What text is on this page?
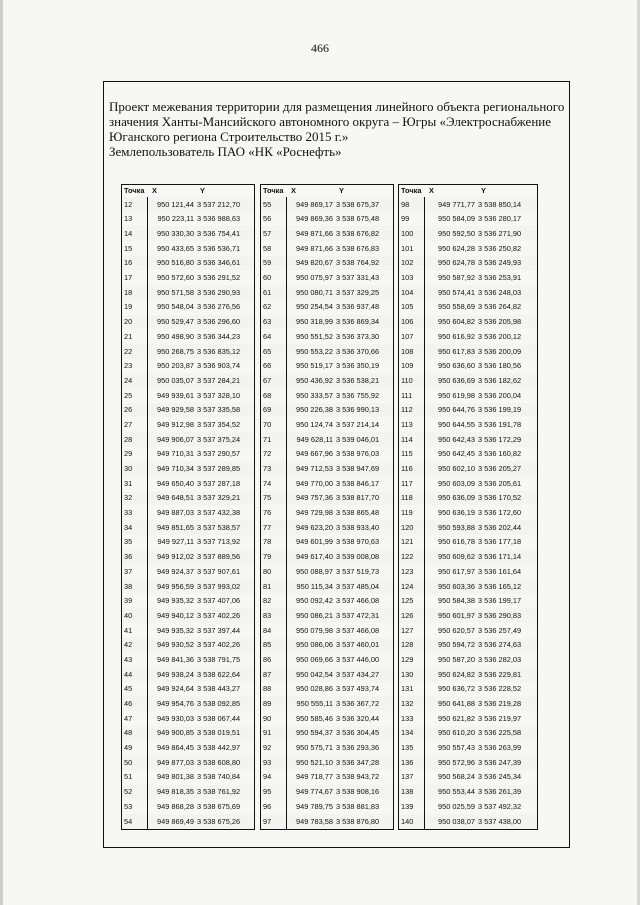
466
Проект межевания территории для размещения линейного объекта регионального
значения Ханты-Мансийского автономного округа – Югры «Электроснабжение
Юганского региона Строительство 2015 г.»
Землепользователь ПАО «НК «Роснефть»
Точка	X	Y
12	950 121,44	3 537 212,70
13	950 223,11	3 536 988,63
14	950 330,30	3 536 754,41
15	950 433,65	3 536 536,71
16	950 516,80	3 536 346,61
17	950 572,60	3 536 291,52
18	950 571,58	3 536 290,93
19	950 548,04	3 536 276,56
20	950 529,47	3 536 296,60
21	950 498,90	3 536 344,23
22	950 268,75	3 536 835,12
23	950 203,87	3 536 903,74
24	950 035,07	3 537 284,21
25	949 939,61	3 537 328,10
26	949 929,58	3 537 335,58
27	949 912,98	3 537 354,52
28	949 906,07	3 537 375,24
29	949 710,31	3 537 290,57
30	949 710,34	3 537 289,85
31	949 650,40	3 537 287,18
32	949 648,51	3 537 329,21
33	949 887,03	3 537 432,38
34	949 851,65	3 537 538,57
35	949 927,11	3 537 713,92
36	949 912,02	3 537 889,56
37	949 924,37	3 537 907,61
38	949 956,59	3 537 993,02
39	949 935,32	3 537 407,06
40	949 940,12	3 537 402,26
41	949 935,32	3 537 397,44
42	949 930,52	3 537 402,26
43	949 841,36	3 538 791,75
44	949 938,24	3 538 622,64
45	949 924,64	3 538 443,27
46	949 954,76	3 538 092,85
47	949 930,03	3 538 067,44
48	949 900,85	3 538 019,51
49	949 864,45	3 538 442,97
50	949 877,03	3 538 608,80
51	949 801,38	3 538 740,84
52	949 818,35	3 538 761,92
53	949 868,28	3 538 675,69
54	949 869,49	3 538 675,26
Точка	X	Y
55	949 869,17	3 538 675,37
56	949 869,36	3 538 675,48
57	949 871,66	3 538 676,82
58	949 871,66	3 538 676,83
59	949 820,67	3 538 764,92
60	950 075,97	3 537 331,43
61	950 080,71	3 537 329,25
62	950 254,54	3 536 937,48
63	950 318,99	3 536 869,34
64	950 551,52	3 536 373,30
65	950 553,22	3 536 370,66
66	950 519,17	3 536 350,19
67	950 436,92	3 536 538,21
68	950 333,57	3 536 755,92
69	950 226,38	3 536 990,13
70	950 124,74	3 537 214,14
71	949 628,11	3 539 046,01
72	949 667,96	3 538 976,03
73	949 712,53	3 538 947,69
74	949 770,00	3 538 846,17
75	949 757,36	3 538 817,70
76	949 729,98	3 538 865,48
77	949 623,20	3 538 933,40
78	949 601,99	3 538 970,63
79	949 617,40	3 539 008,08
80	950 088,97	3 537 519,73
81	950 115,34	3 537 485,04
82	950 092,42	3 537 466,08
83	950 086,21	3 537 472,31
84	950 079,98	3 537 466,08
85	950 086,06	3 537 460,01
86	950 069,66	3 537 446,00
87	950 042,54	3 537 434,27
88	950 028,86	3 537 493,74
89	950 555,11	3 536 367,72
90	950 585,46	3 536 320,44
91	950 594,37	3 536 304,45
92	950 575,71	3 536 293,36
93	950 521,10	3 536 347,28
94	949 718,77	3 538 943,72
95	949 774,67	3 538 908,16
96	949 789,75	3 538 881,83
97	949 783,58	3 538 876,80
Точка	X	Y
98	949 771,77	3 538 850,14
99	950 584,09	3 536 280,17
100	950 592,50	3 536 271,90
101	950 624,28	3 536 250,82
102	950 624,78	3 536 249,93
103	950 587,92	3 536 253,91
104	950 574,41	3 536 248,03
105	950 558,69	3 536 264,82
106	950 604,82	3 536 205,98
107	950 616,92	3 536 200,12
108	950 617,83	3 536 200,09
109	950 636,60	3 536 180,56
110	950 636,69	3 536 182,62
111	950 619,98	3 536 200,04
112	950 644,76	3 536 199,19
113	950 644,55	3 536 191,78
114	950 642,43	3 536 172,29
115	950 642,45	3 536 160,82
116	950 602,10	3 536 205,27
117	950 603,09	3 536 205,61
118	950 636,09	3 536 170,52
119	950 636,19	3 536 172,60
120	950 593,88	3 536 202,44
121	950 616,78	3 536 177,18
122	950 609,62	3 536 171,14
123	950 617,97	3 536 161,64
124	950 603,36	3 536 165,12
125	950 584,38	3 536 199,17
126	950 601,97	3 536 290,83
127	950 620,57	3 536 257,49
128	950 594,72	3 536 274,63
129	950 587,20	3 536 282,03
130	950 624,82	3 536 229,81
131	950 636,72	3 536 228,52
132	950 641,88	3 536 219,28
133	950 621,82	3 536 219,97
134	950 610,20	3 536 225,58
135	950 557,43	3 536 263,99
136	950 572,96	3 536 247,39
137	950 568,24	3 536 245,34
138	950 553,44	3 536 261,39
139	950 025,59	3 537 492,32
140	950 038,07	3 537 438,00
